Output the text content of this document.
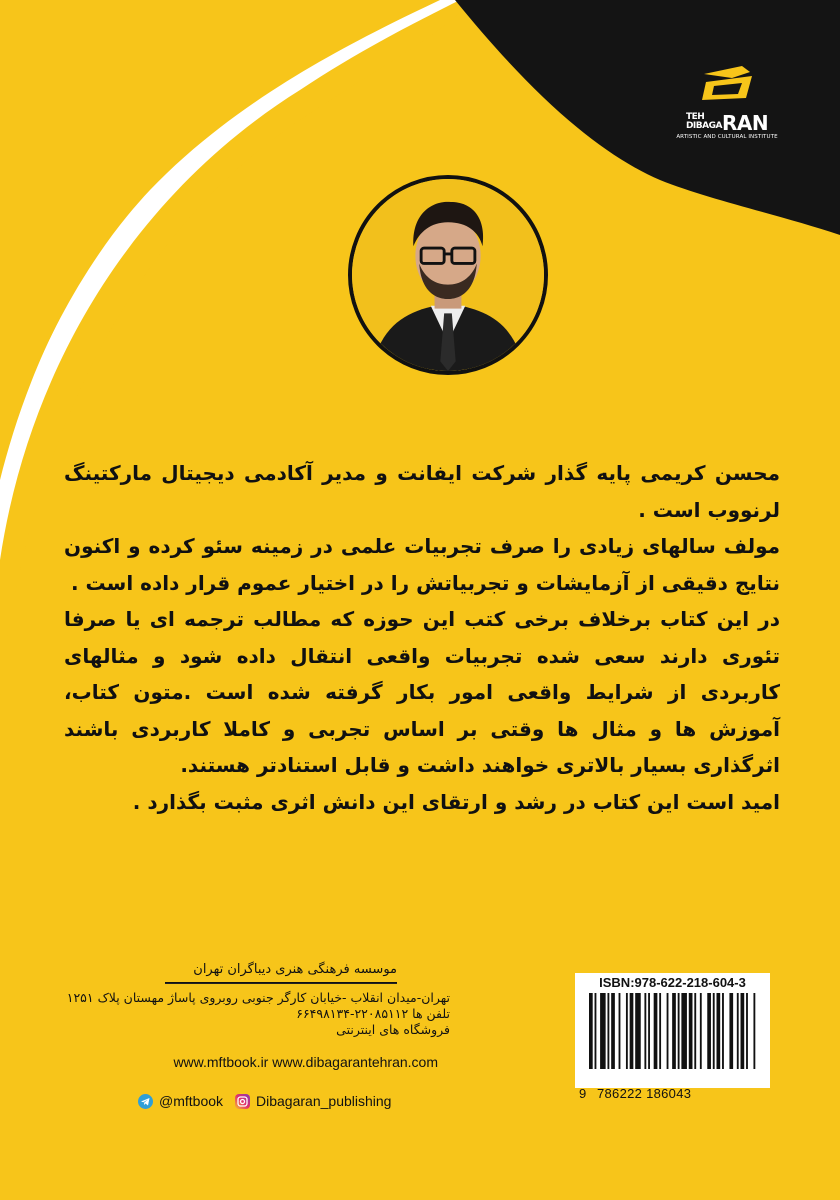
TEH
DIBAGARAN
ARTISTIC AND CULTURAL INSTITUTE

محسن کریمی پایه گذار شرکت ایفانت و مدیر آکادمی دیجیتال مارکتینگ لرنووب است .

مولف سالهای زیادی را صرف تجربیات علمی در زمینه سئو کرده و اکنون نتایج دقیقی از آزمایشات و تجربیاتش را در اختیار عموم قرار داده است .

در این کتاب برخلاف برخی کتب این حوزه که مطالب ترجمه ای یا صرفا تئوری دارند سعی شده تجربیات واقعی انتقال داده شود و مثالهای کاربردی از شرایط واقعی امور بکار گرفته شده است .متون کتاب، آموزش ها و مثال ها وقتی بر اساس تجربی و کاملا کاربردی باشند اثرگذاری بسیار بالاتری خواهند داشت و قابل استنادتر هستند.

امید است این کتاب در رشد و ارتقای این دانش اثری مثبت بگذارد .

موسسه فرهنگی هنری دیباگران تهران
تهران-میدان انقلاب -خیابان کارگر جنوبی روبروی پاساژ مهستان پلاک ۱۲۵۱
تلفن ها ۲۲۰۸۵۱۱۲-۶۶۴۹۸۱۳۴
فروشگاه های اینترنتی
www.mftbook.ir www.dibagarantehran.com
@mftbook Dibagaran_publishing
ISBN:978-622-218-604-3
9 786222 186043
